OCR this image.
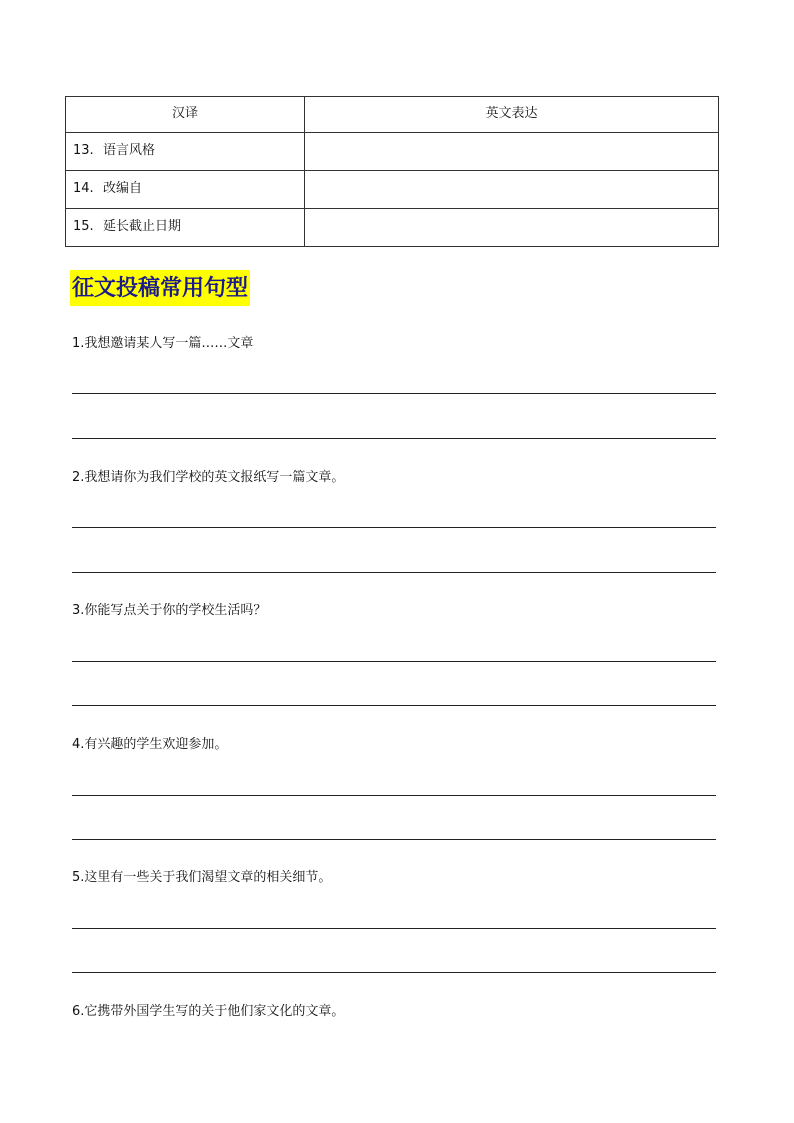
汉译	英文表达
13. 语言风格	
14. 改编自	
15. 延长截止日期	
征文投稿常用句型
1.我想邀请某人写一篇……文章
2.我想请你为我们学校的英文报纸写一篇文章。
3.你能写点关于你的学校生活吗？
4.有兴趣的学生欢迎参加。
5.这里有一些关于我们渴望文章的相关细节。
6.它携带外国学生写的关于他们家文化的文章。
